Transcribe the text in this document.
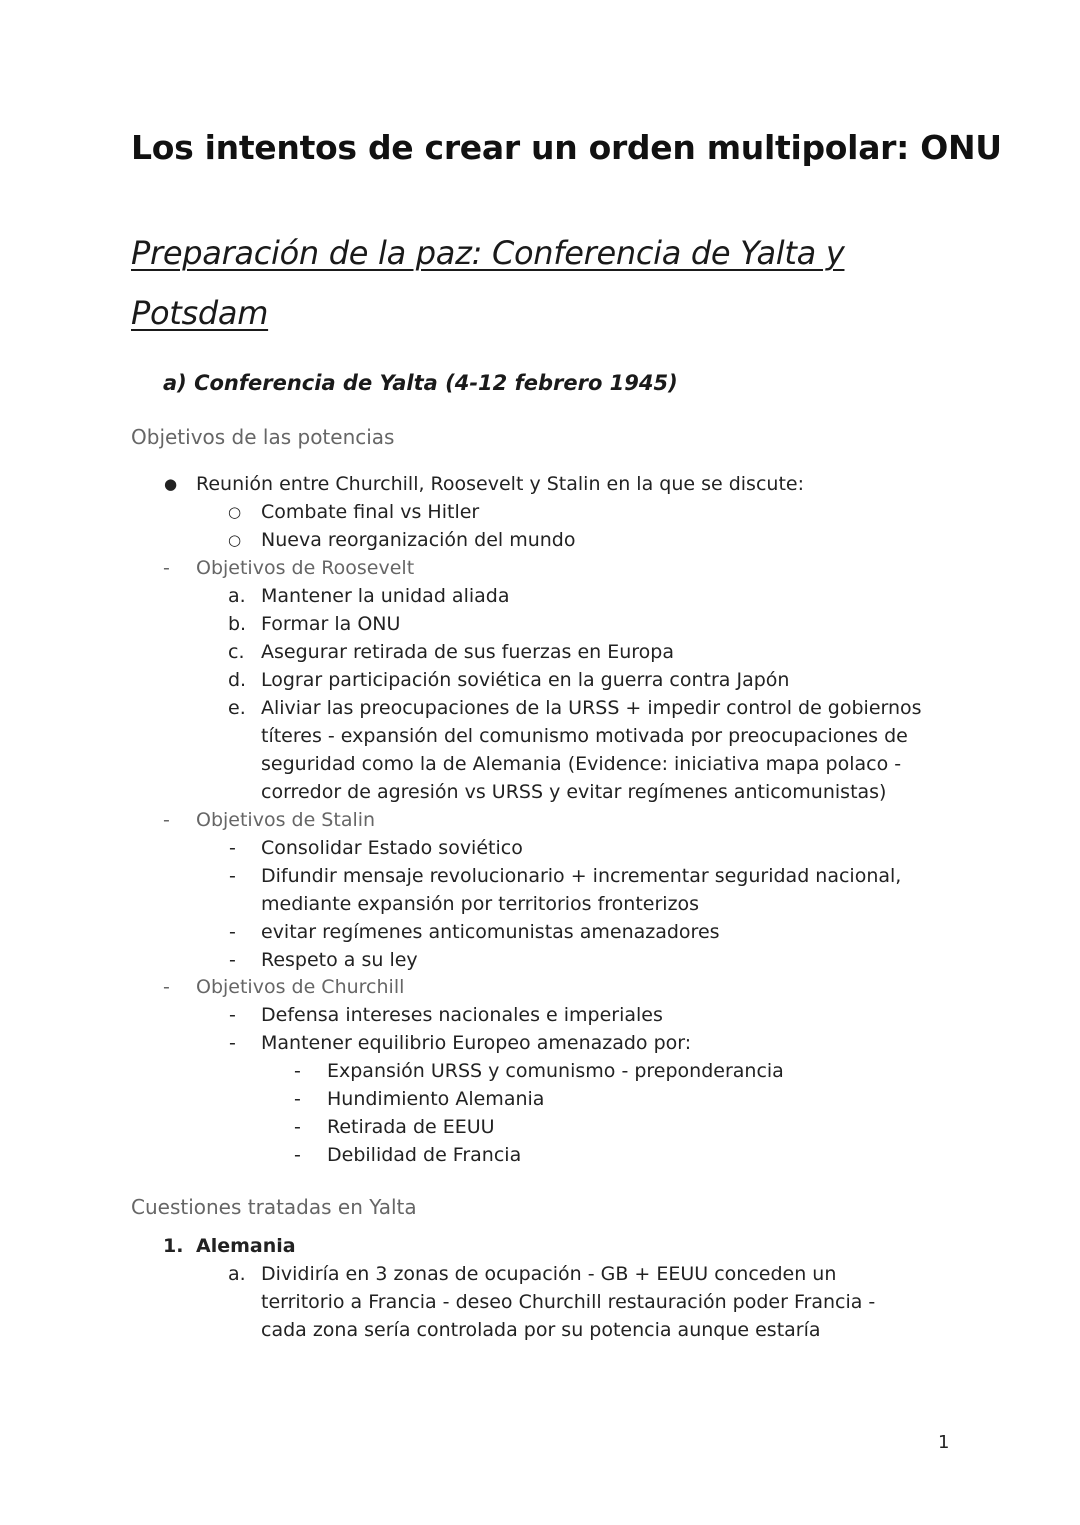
Los intentos de crear un orden multipolar: ONU
Preparación de la paz: Conferencia de Yalta y
Potsdam
a) Conferencia de Yalta (4-12 febrero 1945)
Objetivos de las potencias
● Reunión entre Churchill, Roosevelt y Stalin en la que se discute:
○ Combate final vs Hitler
○ Nueva reorganización del mundo
- Objetivos de Roosevelt
a. Mantener la unidad aliada
b. Formar la ONU
c. Asegurar retirada de sus fuerzas en Europa
d. Lograr participación soviética en la guerra contra Japón
e. Aliviar las preocupaciones de la URSS + impedir control de gobiernos
títeres - expansión del comunismo motivada por preocupaciones de
seguridad como la de Alemania (Evidence: iniciativa mapa polaco -
corredor de agresión vs URSS y evitar regímenes anticomunistas)
- Objetivos de Stalin
- Consolidar Estado soviético
- Difundir mensaje revolucionario + incrementar seguridad nacional,
mediante expansión por territorios fronterizos
- evitar regímenes anticomunistas amenazadores
- Respeto a su ley
- Objetivos de Churchill
- Defensa intereses nacionales e imperiales
- Mantener equilibrio Europeo amenazado por:
- Expansión URSS y comunismo - preponderancia
- Hundimiento Alemania
- Retirada de EEUU
- Debilidad de Francia
Cuestiones tratadas en Yalta
1. Alemania
a. Dividiría en 3 zonas de ocupación - GB + EEUU conceden un
territorio a Francia - deseo Churchill restauración poder Francia -
cada zona sería controlada por su potencia aunque estaría
1
